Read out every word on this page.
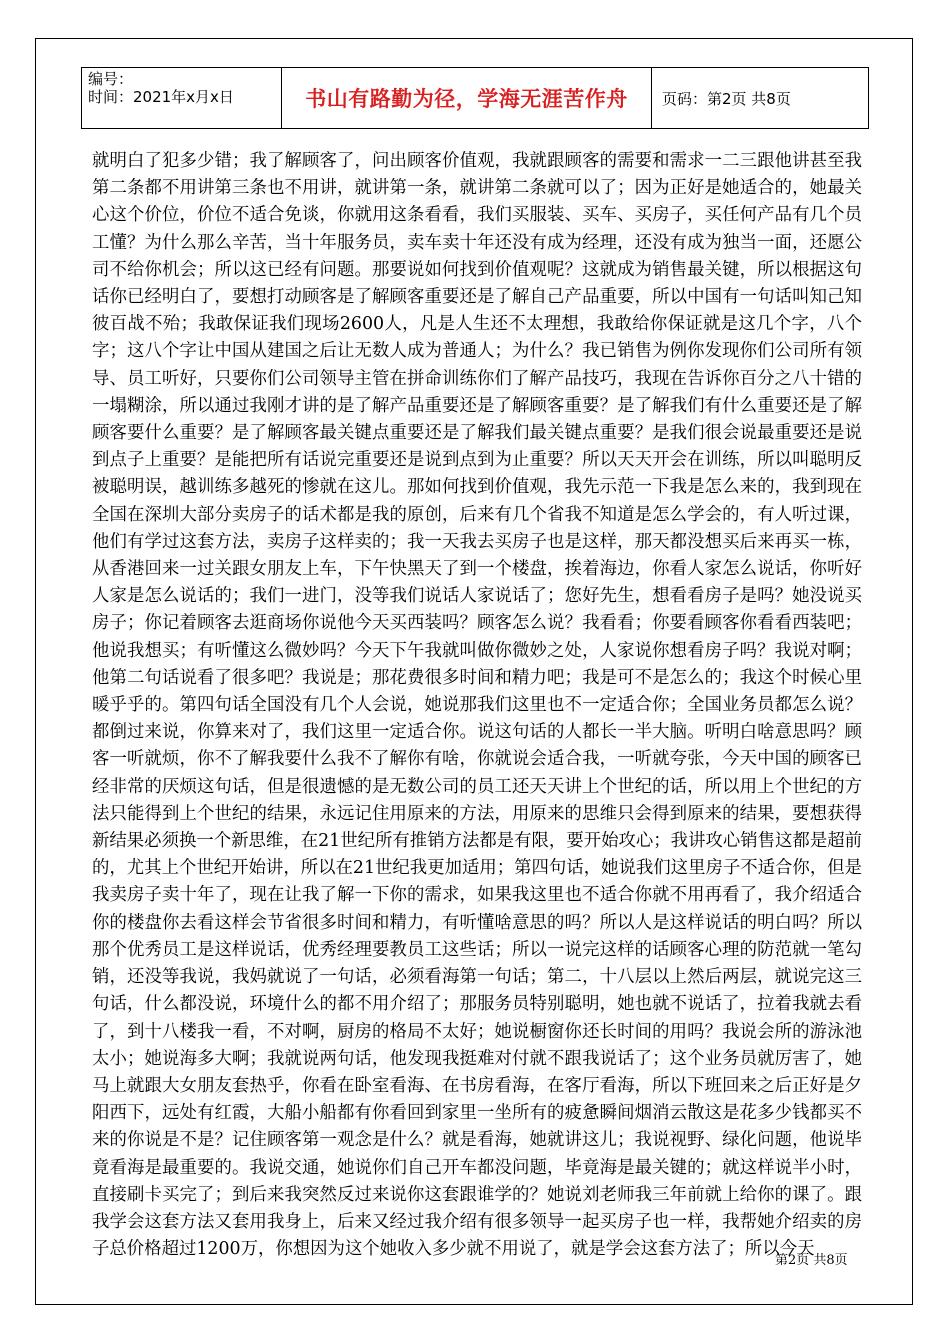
编号：
时间：2021年x月x日	书山有路勤为径，学海无涯苦作舟	页码：第2页 共8页

就明白了犯多少错；我了解顾客了，问出顾客价值观，我就跟顾客的需要和需求一二三跟他讲甚至我第二条都不用讲第三条也不用讲，就讲第一条，就讲第二条就可以了；因为正好是她适合的，她最关心这个价位，价位不适合免谈，你就用这条看看，我们买服装、买车、买房子，买任何产品有几个员工懂？为什么那么辛苦，当十年服务员，卖车卖十年还没有成为经理，还没有成为独当一面，还愿公司不给你机会；所以这已经有问题。那要说如何找到价值观呢？这就成为销售最关键，所以根据这句话你已经明白了，要想打动顾客是了解顾客重要还是了解自己产品重要，所以中国有一句话叫知己知彼百战不殆；我敢保证我们现场2600人，凡是人生还不太理想，我敢给你保证就是这几个字，八个字；这八个字让中国从建国之后让无数人成为普通人；为什么？我已销售为例你发现你们公司所有领导、员工听好，只要你们公司领导主管在拼命训练你们了解产品技巧，我现在告诉你百分之八十错的一塌糊涂，所以通过我刚才讲的是了解产品重要还是了解顾客重要？是了解我们有什么重要还是了解顾客要什么重要？是了解顾客最关键点重要还是了解我们最关键点重要？是我们很会说最重要还是说到点子上重要？是能把所有话说完重要还是说到点到为止重要？所以天天开会在训练，所以叫聪明反被聪明误，越训练多越死的惨就在这儿。那如何找到价值观，我先示范一下我是怎么来的，我到现在全国在深圳大部分卖房子的话术都是我的原创，后来有几个省我不知道是怎么学会的，有人听过课，他们有学过这套方法，卖房子这样卖的；我一天我去买房子也是这样，那天都没想买后来再买一栋，从香港回来一过关跟女朋友上车，下午快黑天了到一个楼盘，挨着海边，你看人家怎么说话，你听好人家是怎么说话的；我们一进门，没等我们说话人家说话了；您好先生，想看看房子是吗？她没说买房子；你记着顾客去逛商场你说他今天买西装吗？顾客怎么说？我看看；你要看顾客你看看西装吧；他说我想买；有听懂这么微妙吗？今天下午我就叫做你微妙之处，人家说你想看房子吗？我说对啊；他第二句话说看了很多吧？我说是；那花费很多时间和精力吧；我是可不是怎么的；我这个时候心里暖乎乎的。第四句话全国没有几个人会说，她说那我们这里也不一定适合你；全国业务员都怎么说？都倒过来说，你算来对了，我们这里一定适合你。说这句话的人都长一半大脑。听明白啥意思吗？顾客一听就烦，你不了解我要什么我不了解你有啥，你就说会适合我，一听就夸张，今天中国的顾客已经非常的厌烦这句话，但是很遗憾的是无数公司的员工还天天讲上个世纪的话，所以用上个世纪的方法只能得到上个世纪的结果，永远记住用原来的方法，用原来的思维只会得到原来的结果，要想获得新结果必须换一个新思维，在21世纪所有推销方法都是有限，要开始攻心；我讲攻心销售这都是超前的，尤其上个世纪开始讲，所以在21世纪我更加适用；第四句话，她说我们这里房子不适合你，但是我卖房子卖十年了，现在让我了解一下你的需求，如果我这里也不适合你就不用再看了，我介绍适合你的楼盘你去看这样会节省很多时间和精力，有听懂啥意思的吗？所以人是这样说话的明白吗？所以那个优秀员工是这样说话，优秀经理要教员工这些话；所以一说完这样的话顾客心理的防范就一笔勾销，还没等我说，我妈就说了一句话，必须看海第一句话；第二，十八层以上然后两层，就说完这三句话，什么都没说，环境什么的都不用介绍了；那服务员特别聪明，她也就不说话了，拉着我就去看了，到十八楼我一看，不对啊，厨房的格局不太好；她说橱窗你还长时间的用吗？我说会所的游泳池太小；她说海多大啊；我就说两句话，他发现我挺难对付就不跟我说话了；这个业务员就厉害了，她马上就跟大女朋友套热乎，你看在卧室看海、在书房看海，在客厅看海，所以下班回来之后正好是夕阳西下，远处有红霞，大船小船都有你看回到家里一坐所有的疲惫瞬间烟消云散这是花多少钱都买不来的你说是不是？记住顾客第一观念是什么？就是看海，她就讲这儿；我说视野、绿化问题，他说毕竟看海是最重要的。我说交通，她说你们自己开车都没问题，毕竟海是最关键的；就这样说半小时，直接刷卡买完了；到后来我突然反过来说你这套跟谁学的？她说刘老师我三年前就上给你的课了。跟我学会这套方法又套用我身上，后来又经过我介绍有很多领导一起买房子也一样，我帮她介绍卖的房子总价格超过1200万，你想因为这个她收入多少就不用说了，就是学会这套方法了；所以今天

第2页 共8页
